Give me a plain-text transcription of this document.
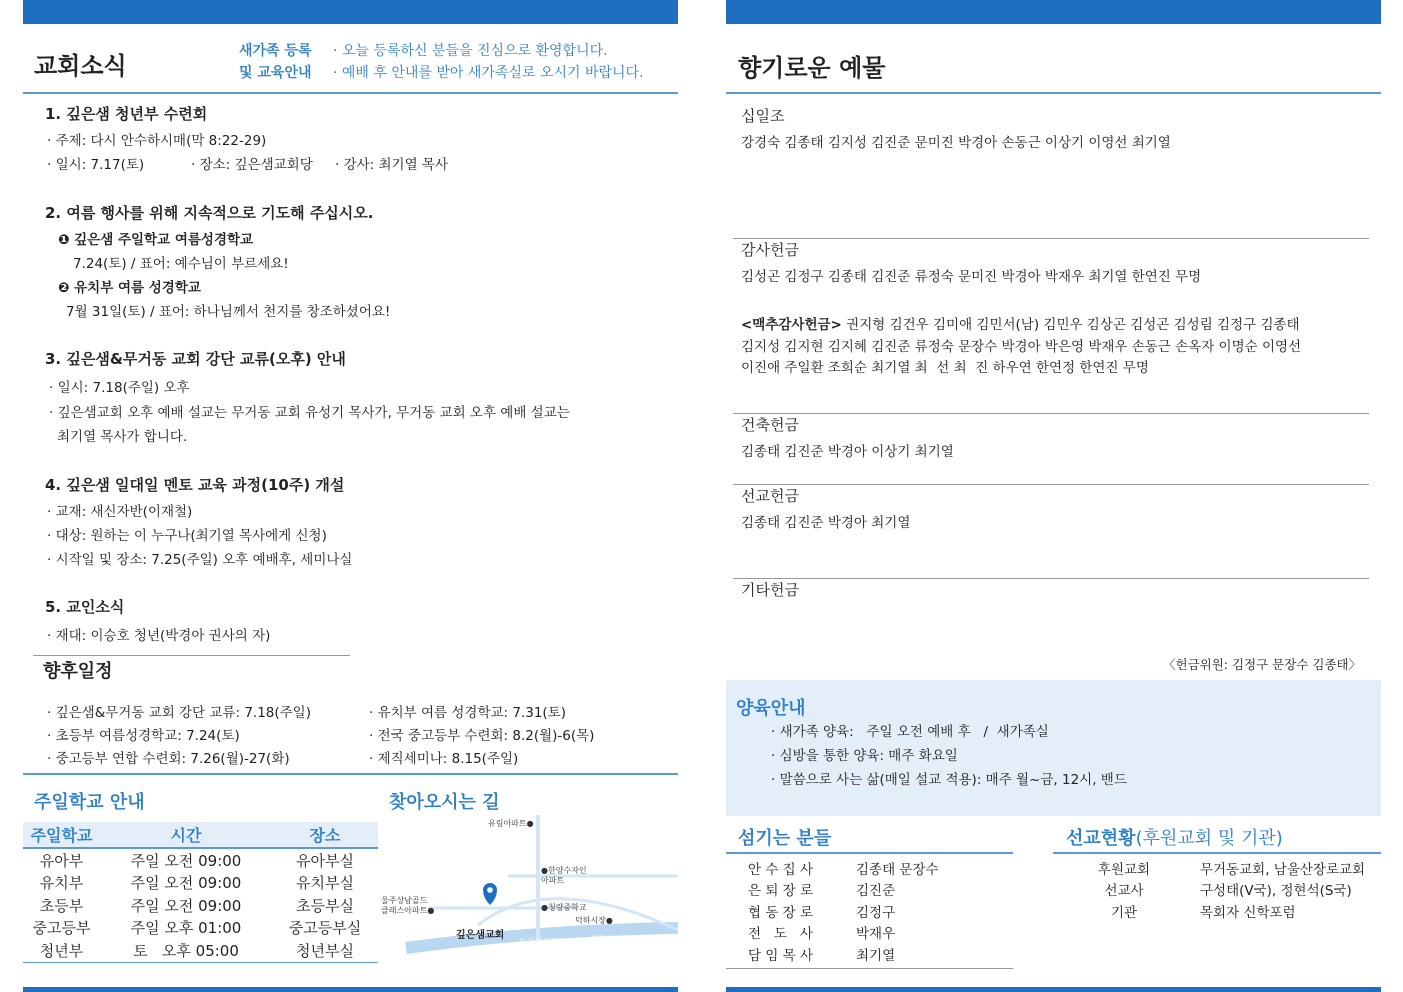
교회소식
새가족 등록
및 교육안내
· 오늘 등록하신 분들을 진심으로 환영합니다.
· 예배 후 안내를 받아 새가족실로 오시기 바랍니다.
1. 깊은샘 청년부 수련회
· 주제: 다시 안수하시매(막 8:22-29)
· 일시: 7.17(토)	· 장소: 깊은샘교회당 · 강사: 최기열 목사
2. 여름 행사를 위해 지속적으로 기도해 주십시오.
❶ 깊은샘 주일학교 여름성경학교
7.24(토) / 표어: 예수님이 부르세요!
❷ 유치부 여름 성경학교
7월 31일(토) / 표어: 하나님께서 천지를 창조하셨어요!
3. 깊은샘&무거동 교회 강단 교류(오후) 안내
· 일시: 7.18(주일) 오후
· 깊은샘교회 오후 예배 설교는 무거동 교회 유성기 목사가, 무거동 교회 오후 예배 설교는
최기열 목사가 합니다.
4. 깊은샘 일대일 멘토 교육 과정(10주) 개설
· 교재: 새신자반(이재철)
· 대상: 원하는 이 누구나(최기열 목사에게 신청)
· 시작일 및 장소: 7.25(주일) 오후 예배후, 세미나실
5. 교인소식
· 재대: 이승호 청년(박경아 권사의 자)
향후일정
· 깊은샘&무거동 교회 강단 교류: 7.18(주일)
· 초등부 여름성경학교: 7.24(토)
· 중고등부 연합 수련회: 7.26(월)-27(화)
· 유치부 여름 성경학교: 7.31(토)
· 전국 중고등부 수련회: 8.2(월)-6(목)
· 제직세미나: 8.15(주일)
주일학교 안내
주일학교	시간	장소
유아부	주일 오전 09:00	유아부실
유치부	주일 오전 09:00	유치부실
초등부	주일 오전 09:00	초등부실
중고등부	주일 오후 01:00	중고등부실
청년부	토   오후 05:00	청년부실
찾아오시는 길
유림아파트●
●한양수자인
아파트
울주상남골드
클래스아파트●	●청량중학교
덕하시장●
깊은샘교회
송진교차로	청량삼거리
향기로운 예물
십일조
강경숙 김종태 김지성 김진준 문미진 박경아 손동근 이상기 이영선 최기열
감사헌금
김성곤 김정구 김종태 김진준 류정숙 문미진 박경아 박재우 최기열 한연진 무명
<맥추감사헌금> 권지형 김건우 김미애 김민서(남) 김민우 김상곤 김성곤 김성림 김정구 김종태
김지성 김지현 김지혜 김진준 류정숙 문장수 박경아 박은영 박재우 손동근 손옥자 이명순 이영선
이진애 주일환 조희순 최기열 최  선 최  진 하우연 한연정 한연진 무명
건축헌금
김종태 김진준 박경아 이상기 최기열
선교헌금
김종태 김진준 박경아 최기열
기타헌금
〈헌금위원: 김정구 문장수 김종태〉
양육안내
· 새가족 양육:   주일 오전 예배 후   /  새가족실
· 심방을 통한 양육: 매주 화요일
· 말씀으로 사는 삶(매일 설교 적용): 매주 월~금, 12시, 밴드
섬기는 분들
안 수 집 사	김종태 문장수
은 퇴 장 로	김진준
협 동 장 로	김정구
전   도   사	박재우
담 임 목 사	최기열
선교현황(후원교회 및 기관)
후원교회	무거동교회, 남울산장로교회
선교사	구성태(V국), 정현석(S국)
기관	목회자 신학포럼
